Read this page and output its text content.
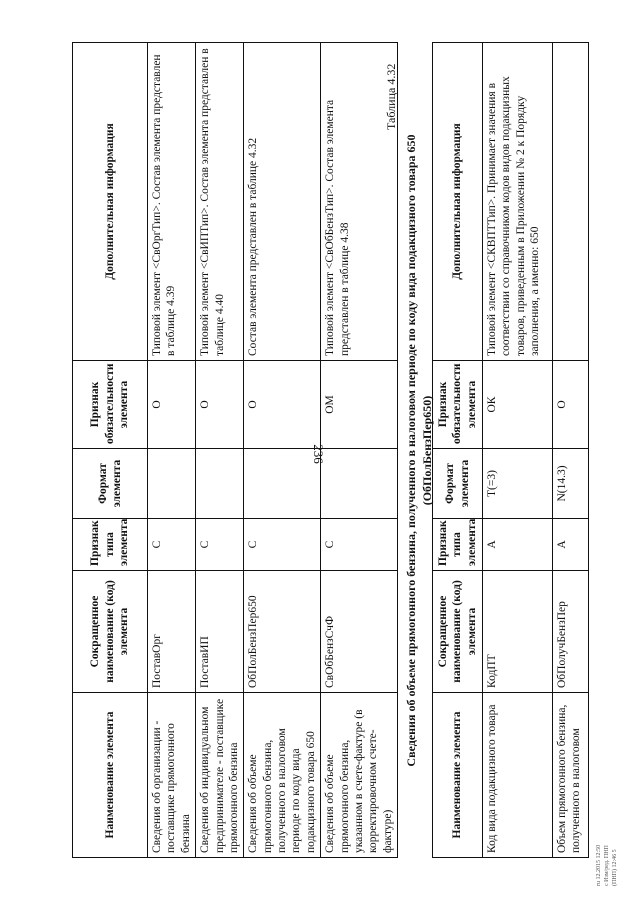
236
Наименование элемента	Сокращенное наименование (код) элемента	Признак типа элемента	Формат элемента	Признак обязательности элемента	Дополнительная информация
Сведения об организации - поставщике прямогонного бензина	ПоставОрг	С		О	Типовой элемент <СвОргТип>. Состав элемента представлен в таблице 4.39
Сведения об индивидуальном предпринимателе - поставщике прямогонного бензина	ПоставИП	С		О	Типовой элемент <СвИПТип>. Состав элемента представлен в таблице 4.40
Сведения об объеме прямогонного бензина, полученного в налоговом периоде по коду вида подакцизного товара 650	ОбПолБензПер650	С		О	Состав элемента представлен в таблице 4.32
Сведения об объеме прямогонного бензина, указанном в счете-фактуре (в корректировочном счете-фактуре)	СвОбБензСчФ	С		ОМ	Типовой элемент <СвОбБензТип>. Состав элемента представлен в таблице 4.38
Таблица 4.32
Сведения об объеме прямогонного бензина, полученного в налоговом периоде по коду вида подакцизного товара 650 (ОбПолБензПер650)
Наименование элемента	Сокращенное наименование (код) элемента	Признак типа элемента	Формат элемента	Признак обязательности элемента	Дополнительная информация
Код вида подакцизного товара	КодПТ	А	T(=3)	ОК	Типовой элемент <СКВПТТип>. Принимает значения в соответствии со справочником кодов видов подакцизных товаров, приведенным в Приложении № 2 к Порядку заполнения, а именно: 650
Объем прямогонного бензина, полученного в налоговом	ОбПолучБензПер	А	N(14.3)	О	
ru 12.2015 12:50 с Изм/ред. ПНП (ПНП) 12:46 5
